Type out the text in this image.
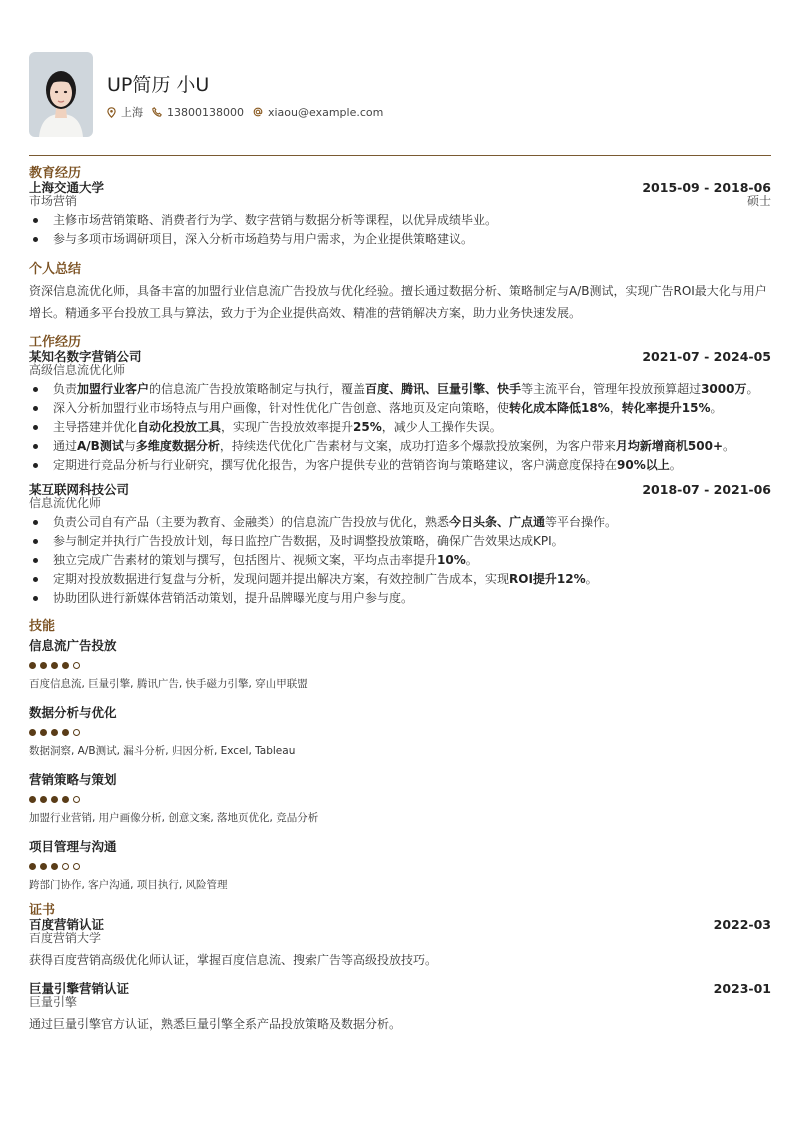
UP简历 小U
上海 13800138000 xiaou@example.com
教育经历
上海交通大学	2015-09 - 2018-06
市场营销	硕士
主修市场营销策略、消费者行为学、数字营销与数据分析等课程，以优异成绩毕业。
参与多项市场调研项目，深入分析市场趋势与用户需求，为企业提供策略建议。
个人总结
资深信息流优化师，具备丰富的加盟行业信息流广告投放与优化经验。擅长通过数据分析、策略制定与A/B测试，实现广告ROI最大化与用户增长。精通多平台投放工具与算法，致力于为企业提供高效、精准的营销解决方案，助力业务快速发展。
工作经历
某知名数字营销公司	2021-07 - 2024-05
高级信息流优化师
负责加盟行业客户的信息流广告投放策略制定与执行，覆盖百度、腾讯、巨量引擎、快手等主流平台，管理年投放预算超过3000万。
深入分析加盟行业市场特点与用户画像，针对性优化广告创意、落地页及定向策略，使转化成本降低18%，转化率提升15%。
主导搭建并优化自动化投放工具，实现广告投放效率提升25%，减少人工操作失误。
通过A/B测试与多维度数据分析，持续迭代优化广告素材与文案，成功打造多个爆款投放案例，为客户带来月均新增商机500+。
定期进行竞品分析与行业研究，撰写优化报告，为客户提供专业的营销咨询与策略建议，客户满意度保持在90%以上。
某互联网科技公司	2018-07 - 2021-06
信息流优化师
负责公司自有产品（主要为教育、金融类）的信息流广告投放与优化，熟悉今日头条、广点通等平台操作。
参与制定并执行广告投放计划，每日监控广告数据，及时调整投放策略，确保广告效果达成KPI。
独立完成广告素材的策划与撰写，包括图片、视频文案，平均点击率提升10%。
定期对投放数据进行复盘与分析，发现问题并提出解决方案，有效控制广告成本，实现ROI提升12%。
协助团队进行新媒体营销活动策划，提升品牌曝光度与用户参与度。
技能
信息流广告投放
百度信息流, 巨量引擎, 腾讯广告, 快手磁力引擎, 穿山甲联盟
数据分析与优化
数据洞察, A/B测试, 漏斗分析, 归因分析, Excel, Tableau
营销策略与策划
加盟行业营销, 用户画像分析, 创意文案, 落地页优化, 竞品分析
项目管理与沟通
跨部门协作, 客户沟通, 项目执行, 风险管理
证书
百度营销认证	2022-03
百度营销大学
获得百度营销高级优化师认证，掌握百度信息流、搜索广告等高级投放技巧。
巨量引擎营销认证	2023-01
巨量引擎
通过巨量引擎官方认证，熟悉巨量引擎全系产品投放策略及数据分析。
